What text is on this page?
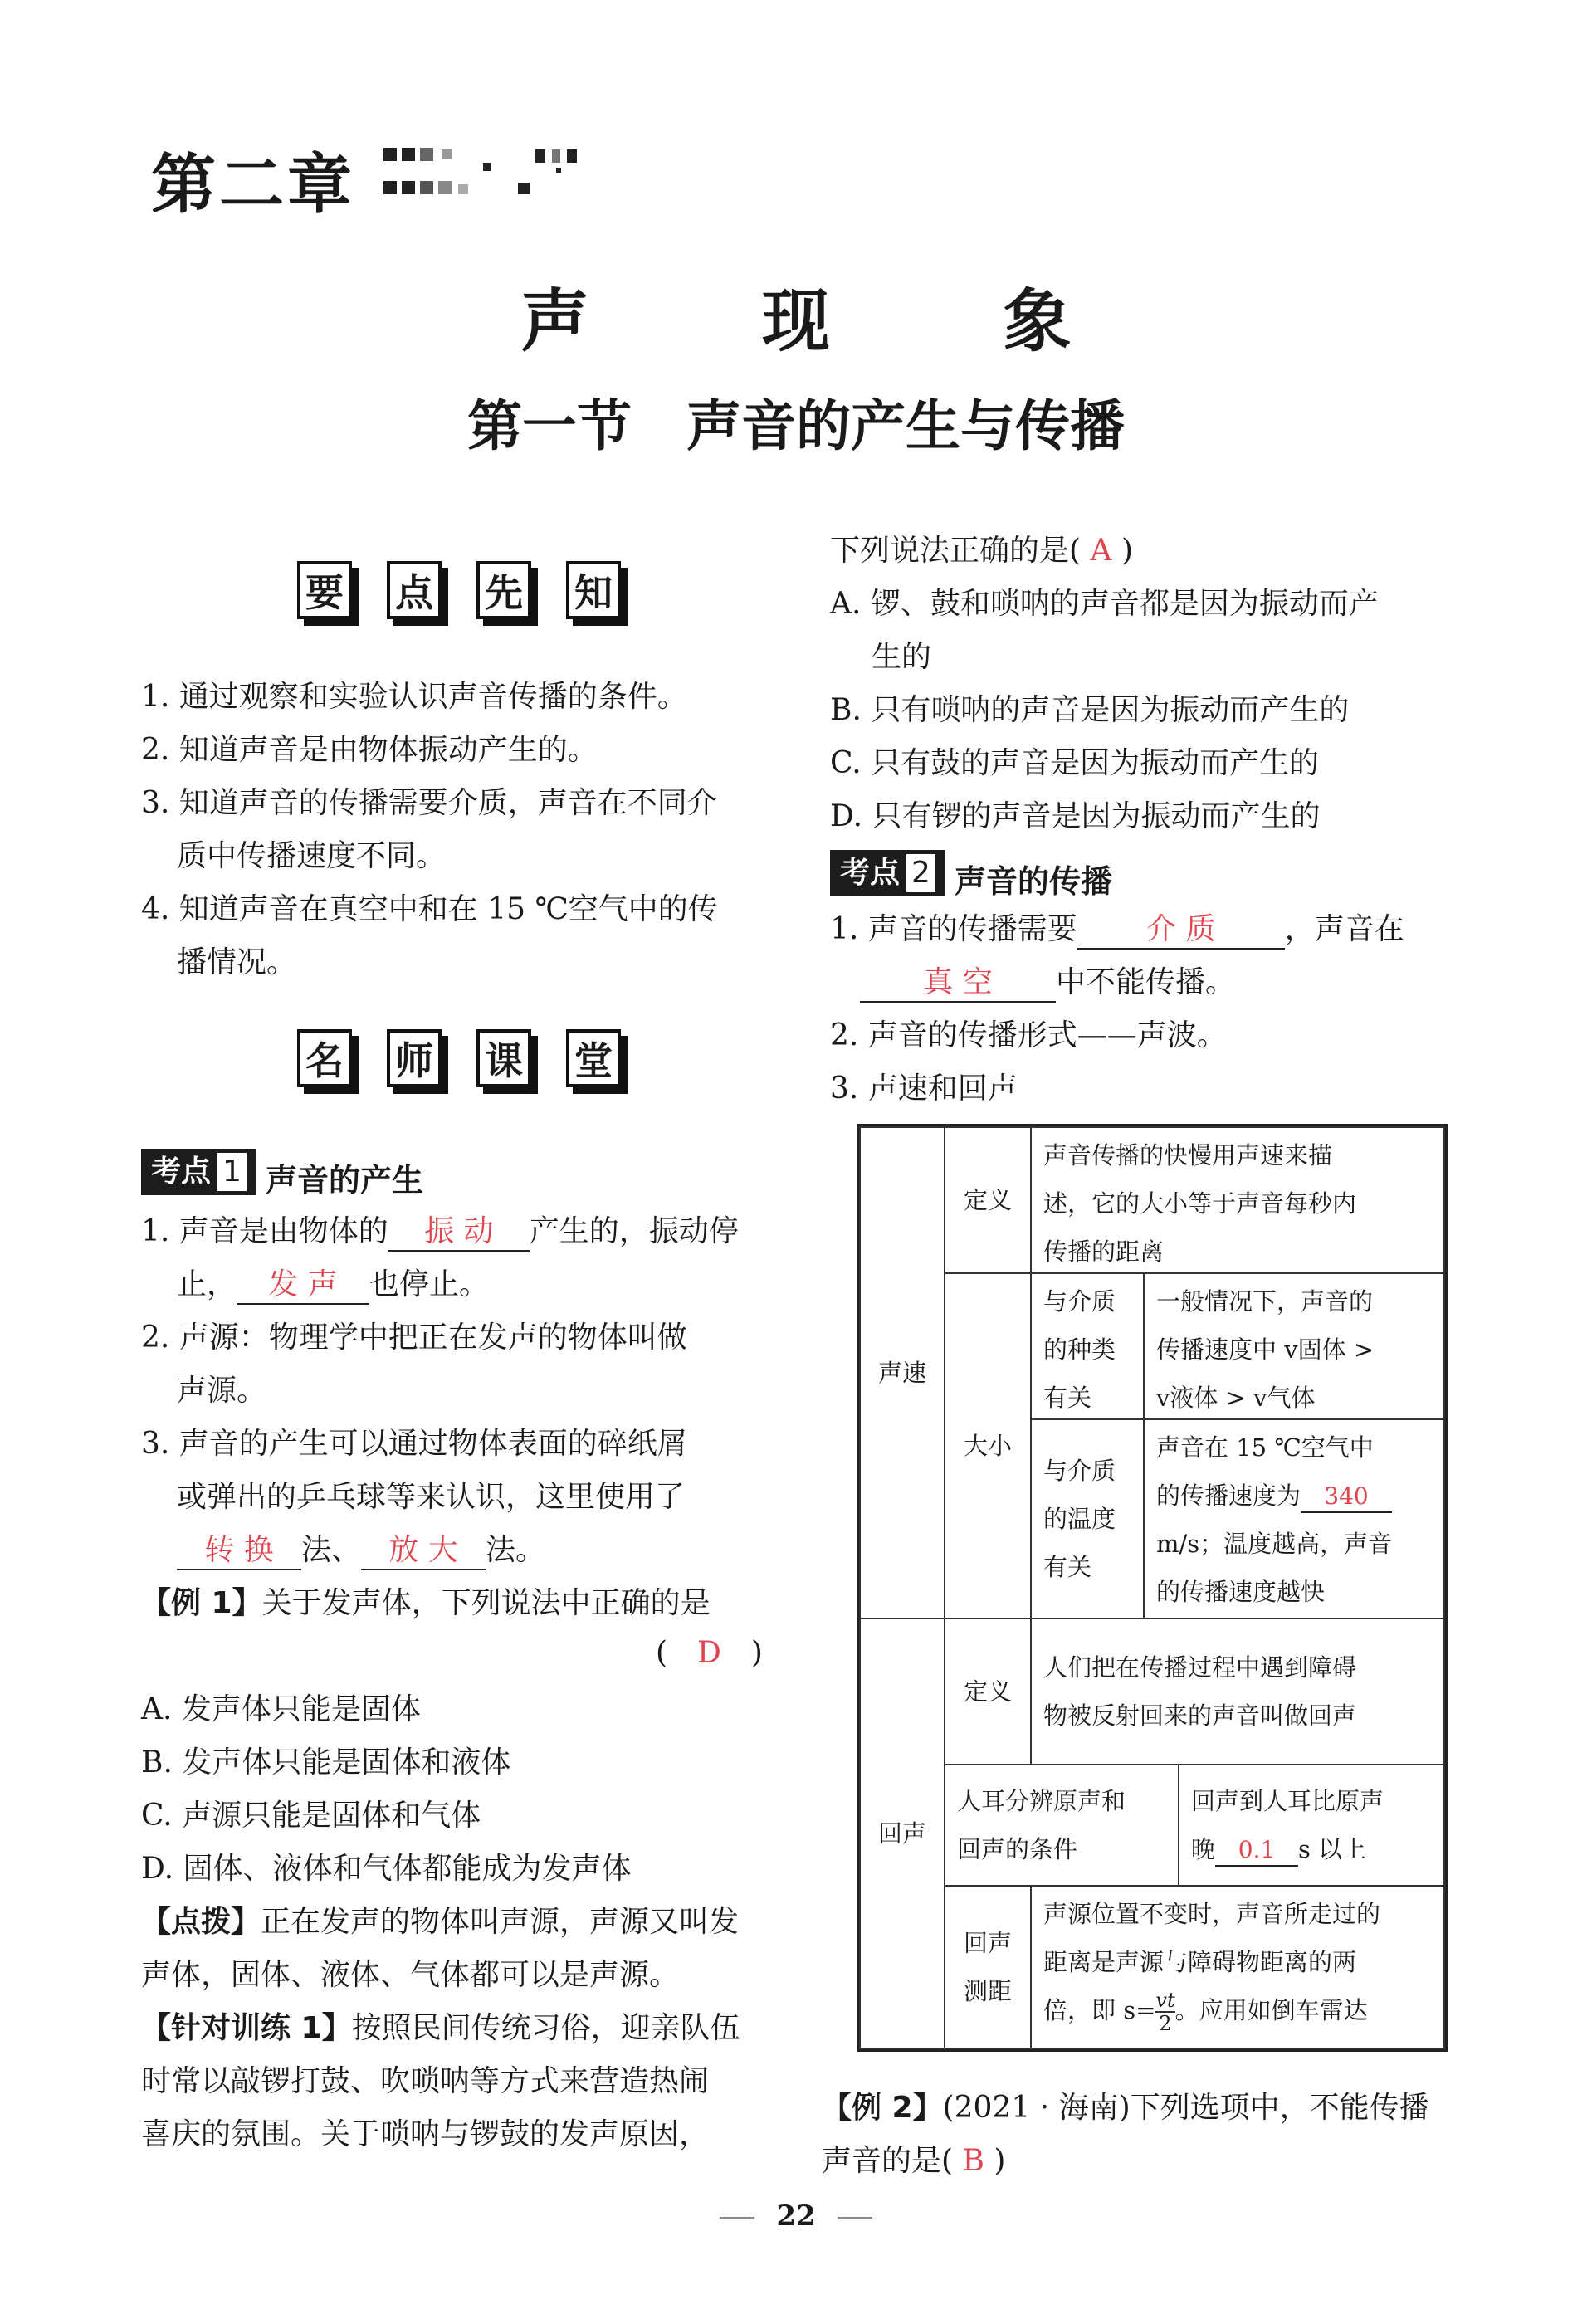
第二章
声 现 象
第一节　声音的产生与传播
要 点 先 知
1. 通过观察和实验认识声音传播的条件。
2. 知道声音是由物体振动产生的。
3. 知道声音的传播需要介质，声音在不同介
质中传播速度不同。
4. 知道声音在真空中和在 15 ℃空气中的传
播情况。
名 师 课 堂
考点 1 声音的产生
1. 声音是由物体的 振 动 产生的，振动停
止， 发 声 也停止。
2. 声源：物理学中把正在发声的物体叫做
声源。
3. 声音的产生可以通过物体表面的碎纸屑
或弹出的乒乓球等来认识，这里使用了
转 换 法、 放 大 法。
【例 1】关于发声体，下列说法中正确的是
(　D　)
A. 发声体只能是固体
B. 发声体只能是固体和液体
C. 声源只能是固体和气体
D. 固体、液体和气体都能成为发声体
【点拨】正在发声的物体叫声源，声源又叫发
声体，固体、液体、气体都可以是声源。
【针对训练 1】按照民间传统习俗，迎亲队伍
时常以敲锣打鼓、吹唢呐等方式来营造热闹
喜庆的氛围。关于唢呐与锣鼓的发声原因，
下列说法正确的是( A )
A. 锣、鼓和唢呐的声音都是因为振动而产
生的
B. 只有唢呐的声音是因为振动而产生的
C. 只有鼓的声音是因为振动而产生的
D. 只有锣的声音是因为振动而产生的
考点 2 声音的传播
1. 声音的传播需要 介 质 ，声音在
真 空 中不能传播。
2. 声音的传播形式——声波。
3. 声速和回声
声速
定义
声音传播的快慢用声速来描
述，它的大小等于声音每秒内
传播的距离
大小
与介质
的种类
有关
一般情况下，声音的
传播速度中 v固体 >
v液体 > v气体
与介质
的温度
有关
声音在 15 ℃空气中
的传播速度为 340
m/s；温度越高，声音
的传播速度越快
回声
定义
人们把在传播过程中遇到障碍
物被反射回来的声音叫做回声
人耳分辨原声和
回声的条件
回声到人耳比原声
晚 0.1 s 以上
回声
测距
声源位置不变时，声音所走过的
距离是声源与障碍物距离的两
倍，即 $s= \frac{vt}{2}$ 。应用如倒车雷达
【例 2】(2021 · 海南)下列选项中，不能传播
声音的是( B )
22
